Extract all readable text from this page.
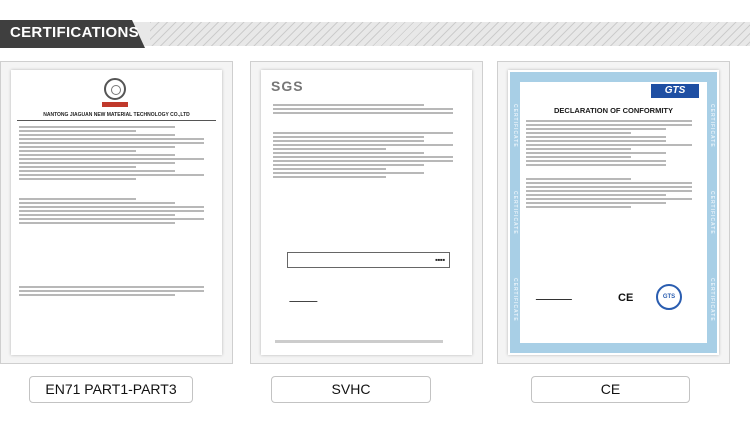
CERTIFICATIONS
NANTONG JIAGUAN NEW MATERIAL TECHNOLOGY CO.,LTD
SGS
■■■■
CERTIFICATE
CERTIFICATE
CERTIFICATE
CERTIFICATE
CERTIFICATE
CERTIFICATE
GTS
DECLARATION OF CONFORMITY
CE	GTS
EN71 PART1-PART3	SVHC	CE
